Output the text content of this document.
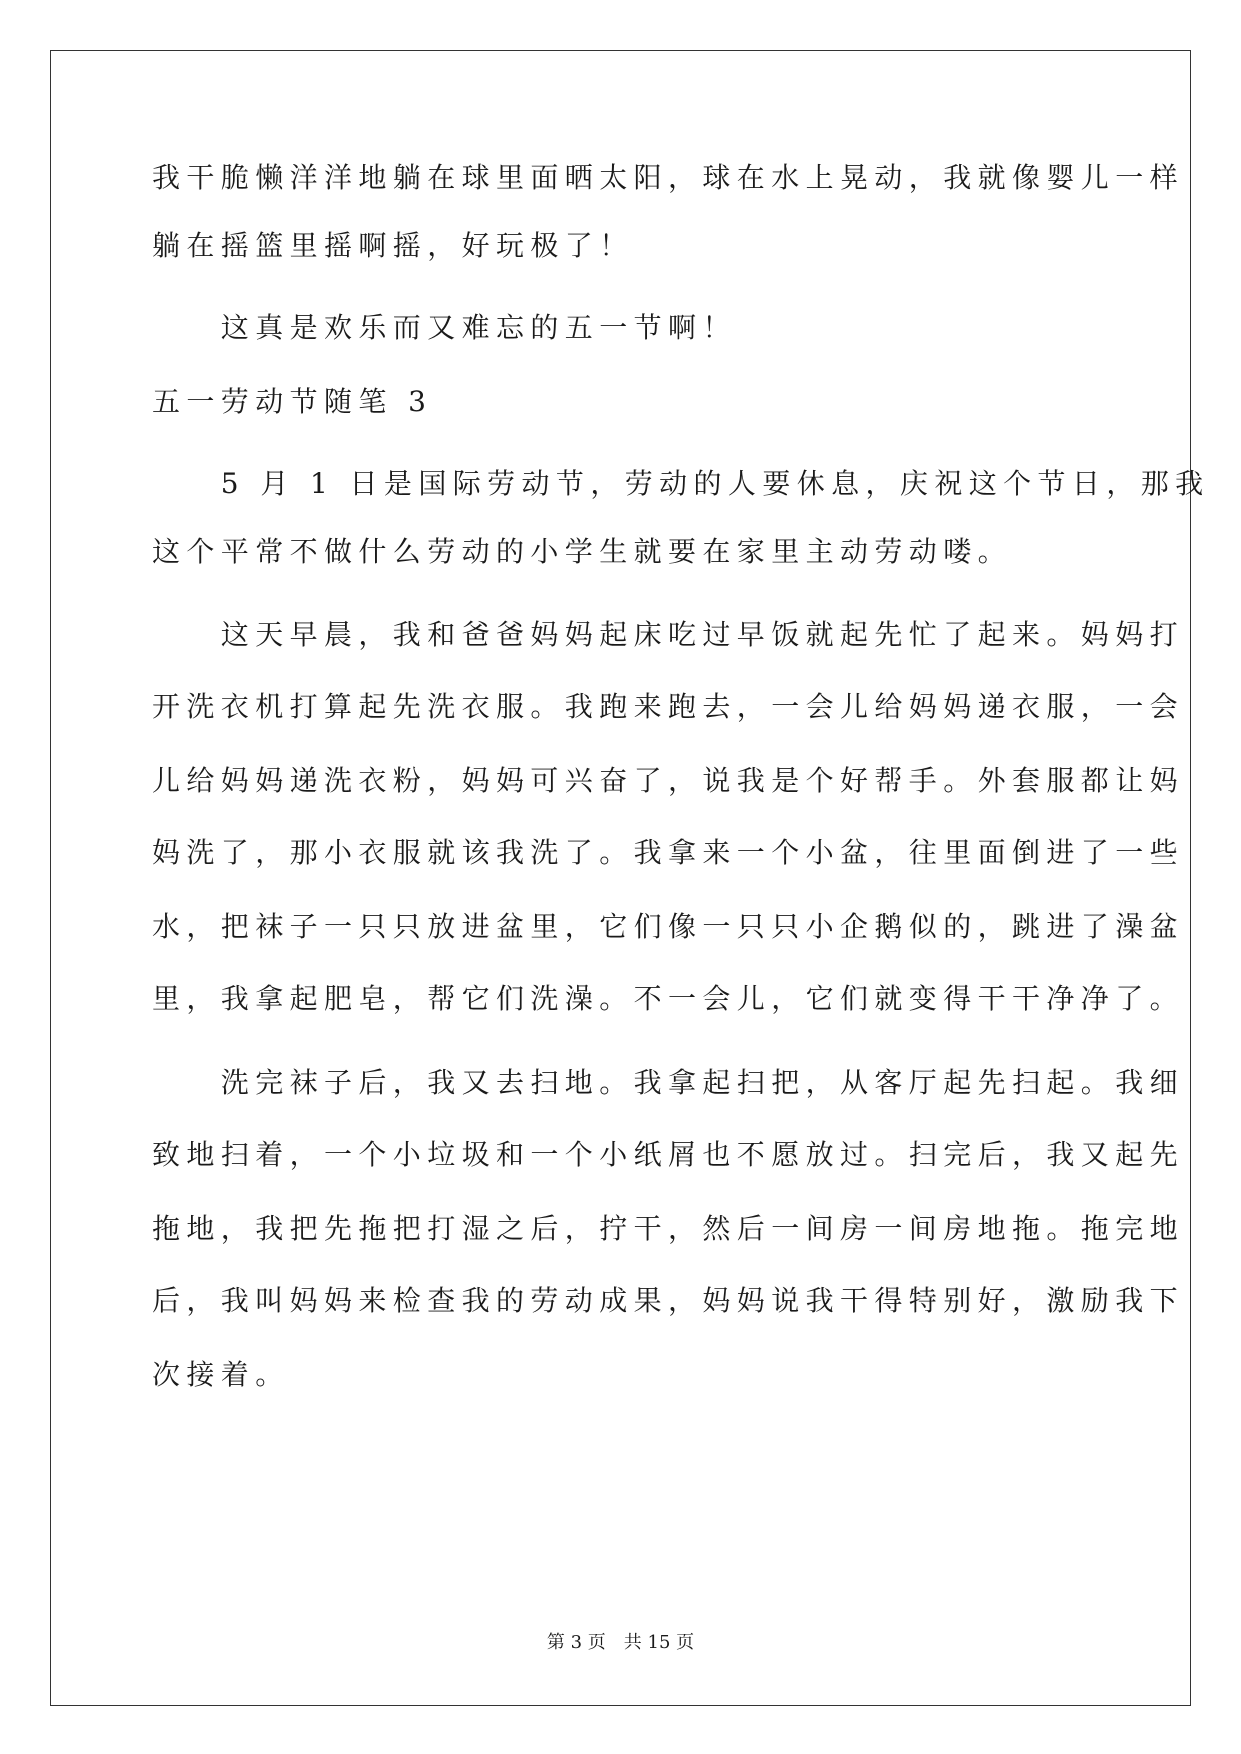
我干脆懒洋洋地躺在球里面晒太阳，球在水上晃动，我就像婴儿一样
躺在摇篮里摇啊摇，好玩极了！
　　这真是欢乐而又难忘的五一节啊！
五一劳动节随笔 3
　　5 月 1 日是国际劳动节，劳动的人要休息，庆祝这个节日，那我
这个平常不做什么劳动的小学生就要在家里主动劳动喽。
　　这天早晨，我和爸爸妈妈起床吃过早饭就起先忙了起来。妈妈打
开洗衣机打算起先洗衣服。我跑来跑去，一会儿给妈妈递衣服，一会
儿给妈妈递洗衣粉，妈妈可兴奋了，说我是个好帮手。外套服都让妈
妈洗了，那小衣服就该我洗了。我拿来一个小盆，往里面倒进了一些
水，把袜子一只只放进盆里，它们像一只只小企鹅似的，跳进了澡盆
里，我拿起肥皂，帮它们洗澡。不一会儿，它们就变得干干净净了。
　　洗完袜子后，我又去扫地。我拿起扫把，从客厅起先扫起。我细
致地扫着，一个小垃圾和一个小纸屑也不愿放过。扫完后，我又起先
拖地，我把先拖把打湿之后，拧干，然后一间房一间房地拖。拖完地
后，我叫妈妈来检查我的劳动成果，妈妈说我干得特别好，激励我下
次接着。
第 3 页　共 15 页
